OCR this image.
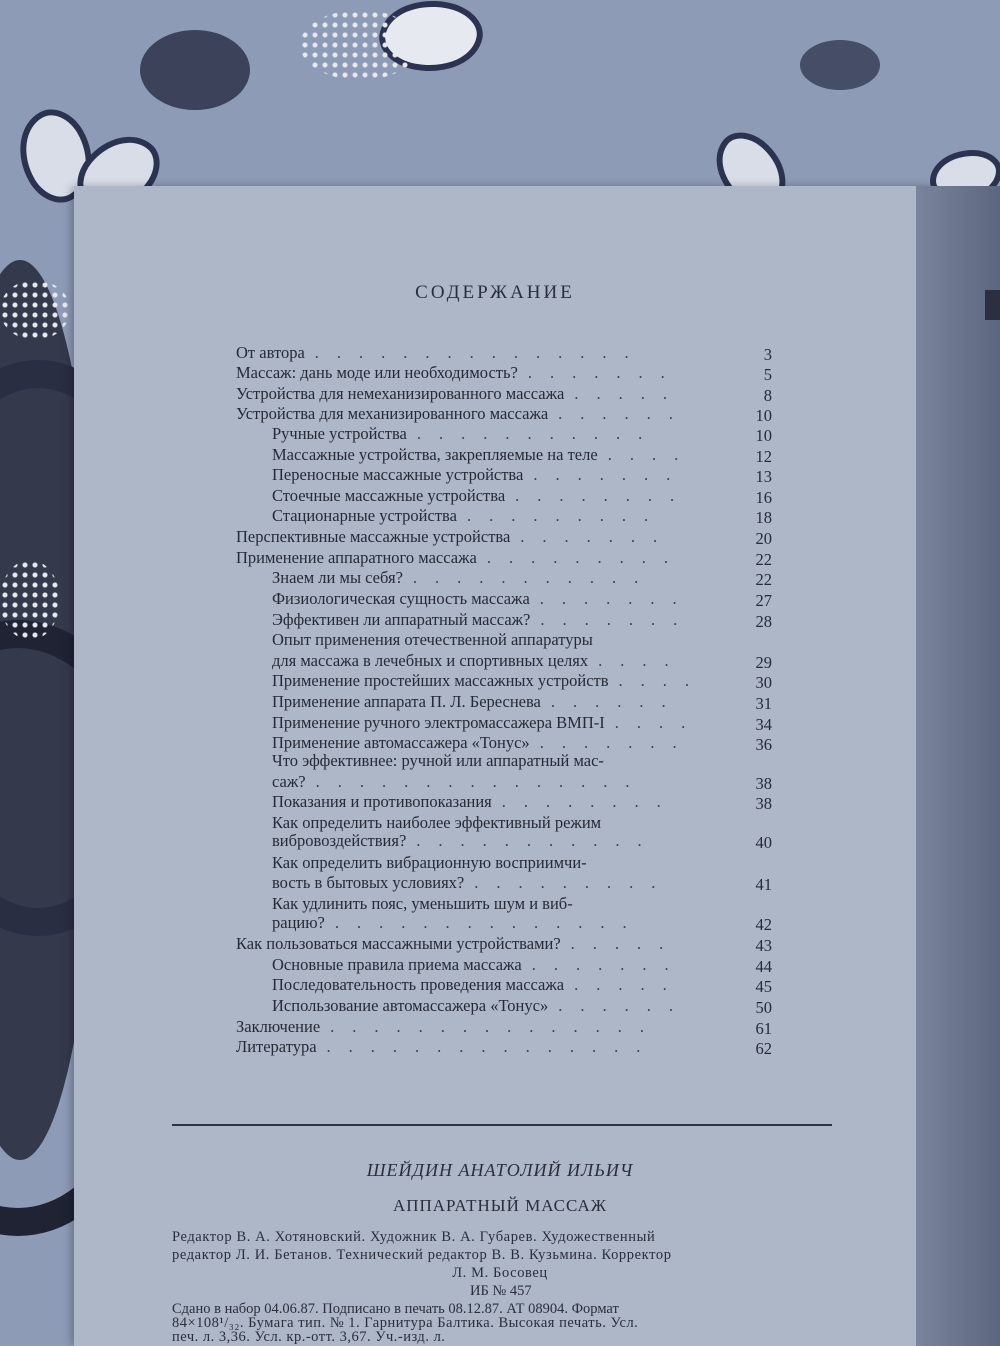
СОДЕРЖАНИЕ
От автора ...............	3
Массаж: дань моде или необходимость? .......	5
Устройства для немеханизированного массажа .....	8
Устройства для механизированного массажа ......	10
Ручные устройства ...........	10
Массажные устройства, закрепляемые на теле ....	12
Переносные массажные устройства .......	13
Стоечные массажные устройства ........	16
Стационарные устройства .........	18
Перспективные массажные устройства .......	20
Применение аппаратного массажа .........	22
Знаем ли мы себя? ...........	22
Физиологическая сущность массажа .......	27
Эффективен ли аппаратный массаж? .......	28
Опыт применения отечественной аппаратуры
для массажа в лечебных и спортивных целях ....	29
Применение простейших массажных устройств ....	30
Применение аппарата П. Л. Береснева ......	31
Применение ручного электромассажера ВМП-I ....	34
Применение автомассажера «Тонус» .......	36
Что эффективнее: ручной или аппаратный мас-
саж? ...............	38
Показания и противопоказания ........	38
Как определить наиболее эффективный режим
вибровоздействия? ...........	40
Как определить вибрационную восприимчи-
вость в бытовых условиях? .........	41
Как удлинить пояс, уменьшить шум и виб-
рацию? ..............	42
Как пользоваться массажными устройствами? .....	43
Основные правила приема массажа .......	44
Последовательность проведения массажа .....	45
Использование автомассажера «Тонус» ......	50
Заключение ...............	61
Литература ...............	62
ШЕЙДИН АНАТОЛИЙ ИЛЬИЧ
АППАРАТНЫЙ МАССАЖ
Редактор В. А. Хотяновский. Художник В. А. Губарев. Художественный
редактор Л. И. Бетанов. Технический редактор В. В. Кузьмина. Корректор
Л. М. Босовец
ИБ № 457
Сдано в набор 04.06.87. Подписано в печать 08.12.87. АТ 08904. Формат
84×108¹/₃₂. Бумага тип. № 1. Гарнитура Балтика. Высокая печать. Усл.
печ. л. 3,36. Усл. кр.-отт. 3,67. Уч.-изд. л.
